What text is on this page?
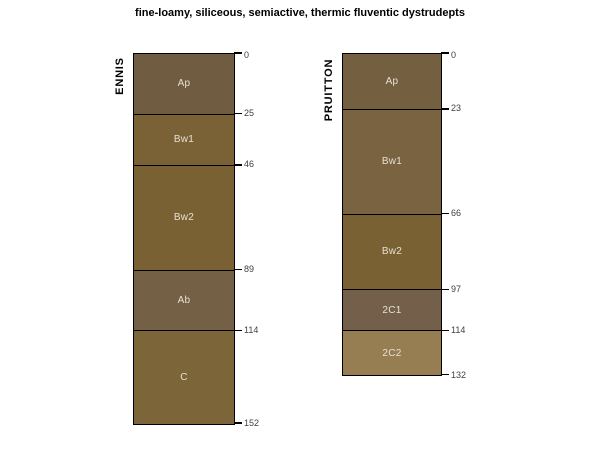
fine-loamy, siliceous, semiactive, thermic fluventic dystrudepts
Ap
Bw1
Bw2
Ab
C
ENNIS
0
25
46
89
114
152
Ap
Bw1
Bw2
2C1
2C2
PRUITTON
0
23
66
97
114
132
